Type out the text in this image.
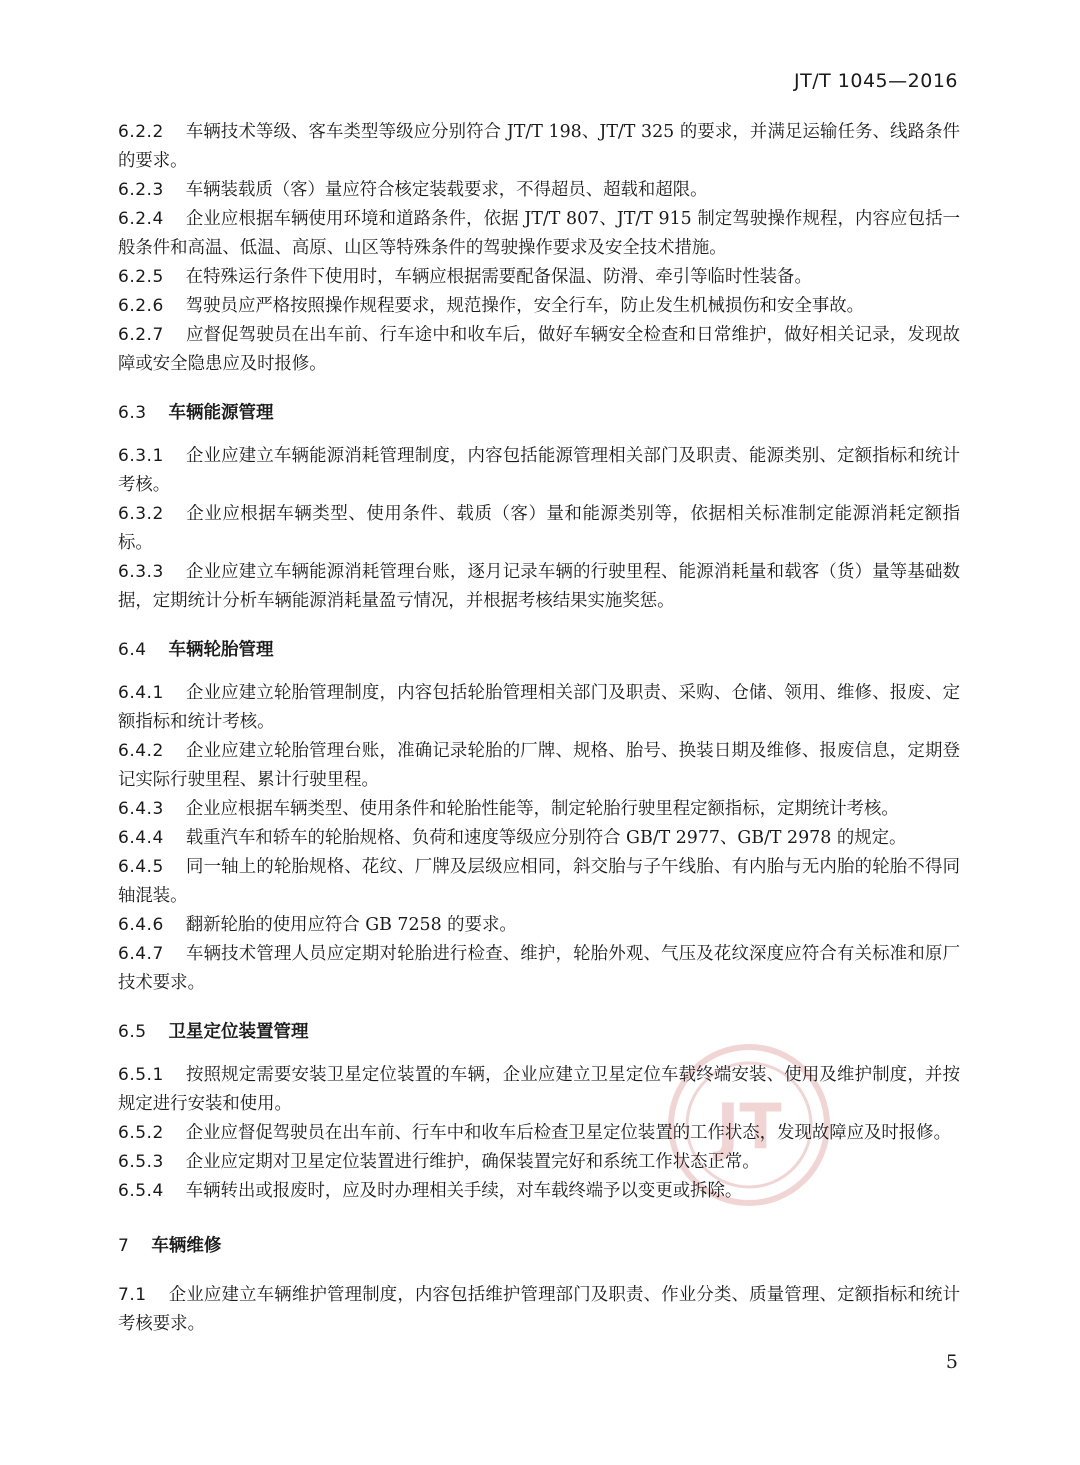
JT/T 1045—2016
JT

6.2.2 车辆技术等级、客车类型等级应分别符合 JT/T 198、JT/T 325 的要求，并满足运输任务、线路条件的要求。

6.2.3 车辆装载质（客）量应符合核定装载要求，不得超员、超载和超限。

6.2.4 企业应根据车辆使用环境和道路条件，依据 JT/T 807、JT/T 915 制定驾驶操作规程，内容应包括一般条件和高温、低温、高原、山区等特殊条件的驾驶操作要求及安全技术措施。

6.2.5 在特殊运行条件下使用时，车辆应根据需要配备保温、防滑、牵引等临时性装备。

6.2.6 驾驶员应严格按照操作规程要求，规范操作，安全行车，防止发生机械损伤和安全事故。

6.2.7 应督促驾驶员在出车前、行车途中和收车后，做好车辆安全检查和日常维护，做好相关记录，发现故障或安全隐患应及时报修。

6.3 车辆能源管理

6.3.1 企业应建立车辆能源消耗管理制度，内容包括能源管理相关部门及职责、能源类别、定额指标和统计考核。

6.3.2 企业应根据车辆类型、使用条件、载质（客）量和能源类别等，依据相关标准制定能源消耗定额指标。

6.3.3 企业应建立车辆能源消耗管理台账，逐月记录车辆的行驶里程、能源消耗量和载客（货）量等基础数据，定期统计分析车辆能源消耗量盈亏情况，并根据考核结果实施奖惩。

6.4 车辆轮胎管理

6.4.1 企业应建立轮胎管理制度，内容包括轮胎管理相关部门及职责、采购、仓储、领用、维修、报废、定额指标和统计考核。

6.4.2 企业应建立轮胎管理台账，准确记录轮胎的厂牌、规格、胎号、换装日期及维修、报废信息，定期登记实际行驶里程、累计行驶里程。

6.4.3 企业应根据车辆类型、使用条件和轮胎性能等，制定轮胎行驶里程定额指标，定期统计考核。

6.4.4 载重汽车和轿车的轮胎规格、负荷和速度等级应分别符合 GB/T 2977、GB/T 2978 的规定。

6.4.5 同一轴上的轮胎规格、花纹、厂牌及层级应相同，斜交胎与子午线胎、有内胎与无内胎的轮胎不得同轴混装。

6.4.6 翻新轮胎的使用应符合 GB 7258 的要求。

6.4.7 车辆技术管理人员应定期对轮胎进行检查、维护，轮胎外观、气压及花纹深度应符合有关标准和原厂技术要求。

6.5 卫星定位装置管理

6.5.1 按照规定需要安装卫星定位装置的车辆，企业应建立卫星定位车载终端安装、使用及维护制度，并按规定进行安装和使用。

6.5.2 企业应督促驾驶员在出车前、行车中和收车后检查卫星定位装置的工作状态，发现故障应及时报修。

6.5.3 企业应定期对卫星定位装置进行维护，确保装置完好和系统工作状态正常。

6.5.4 车辆转出或报废时，应及时办理相关手续，对车载终端予以变更或拆除。

7 车辆维修

7.1 企业应建立车辆维护管理制度，内容包括维护管理部门及职责、作业分类、质量管理、定额指标和统计考核要求。

5
